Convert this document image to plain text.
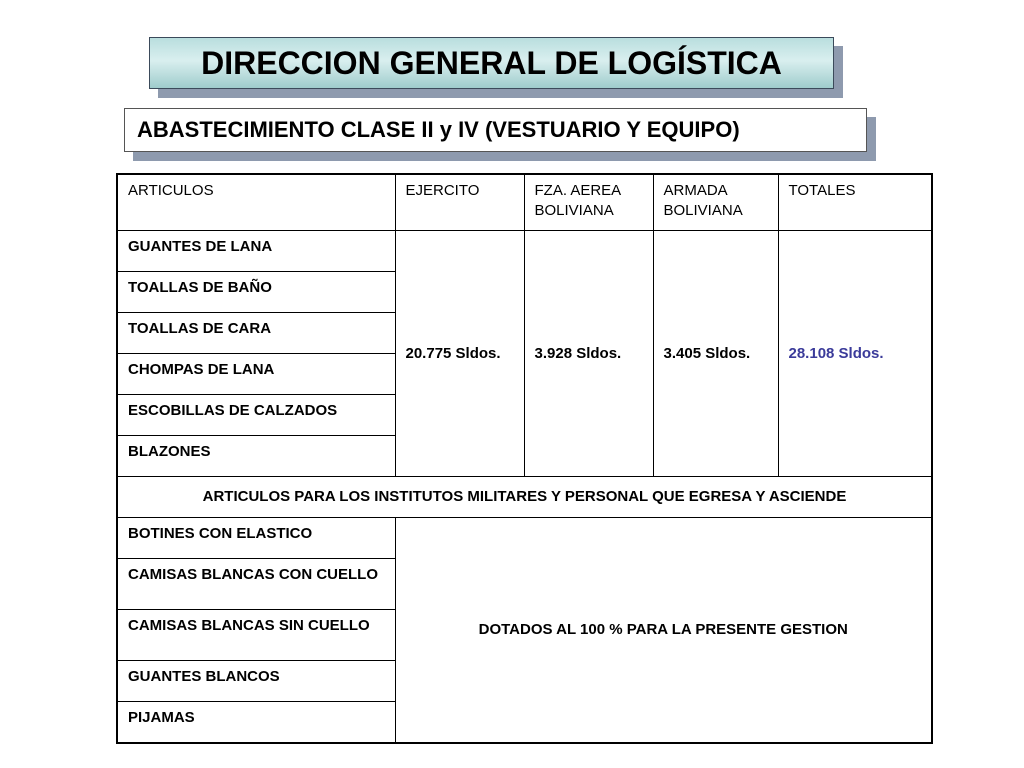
DIRECCION GENERAL DE LOGÍSTICA
ABASTECIMIENTO CLASE II y IV (VESTUARIO Y EQUIPO)
ARTICULOS	EJERCITO	FZA. AEREA BOLIVIANA	ARMADA BOLIVIANA	TOTALES
GUANTES DE LANA	20.775 Sldos.	3.928 Sldos.	3.405 Sldos.	28.108 Sldos.
TOALLAS DE BAÑO				
TOALLAS DE CARA				
CHOMPAS DE LANA				
ESCOBILLAS DE CALZADOS				
BLAZONES				
ARTICULOS PARA LOS INSTITUTOS MILITARES Y PERSONAL QUE EGRESA Y ASCIENDE				
BOTINES CON ELASTICO	DOTADOS AL 100 % PARA LA PRESENTE GESTION			
CAMISAS BLANCAS CON CUELLO				
CAMISAS BLANCAS SIN CUELLO				
GUANTES BLANCOS				
PIJAMAS				
